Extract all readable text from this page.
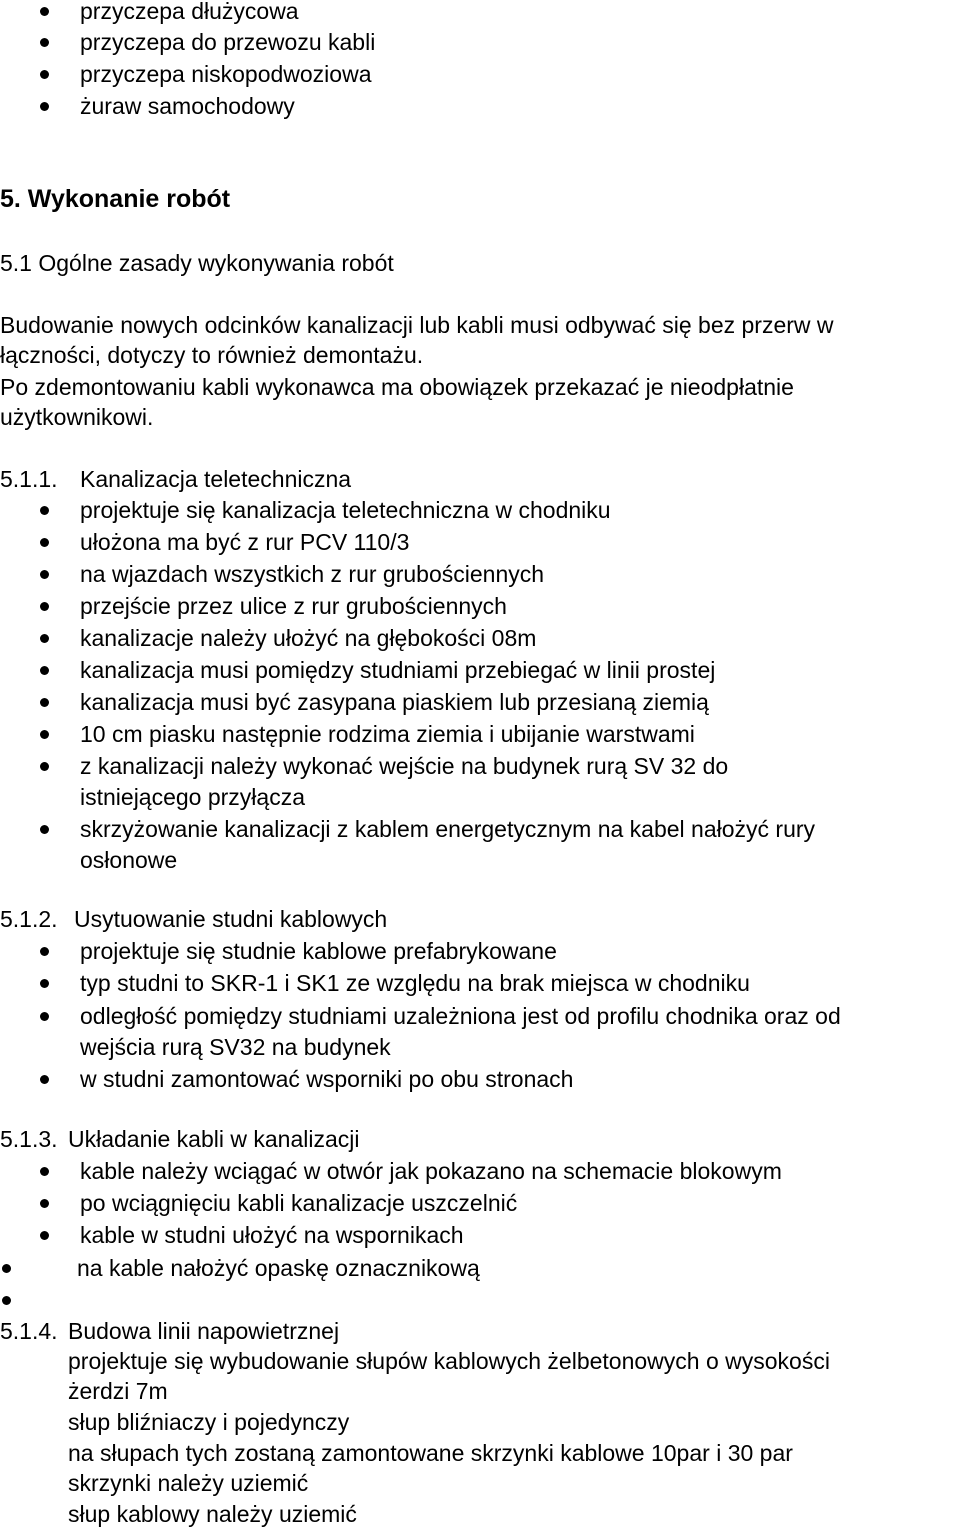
przyczepa dłużycowa
przyczepa do przewozu kabli
przyczepa niskopodwoziowa
żuraw samochodowy
5. Wykonanie robót
5.1 Ogólne zasady wykonywania robót
Budowanie nowych odcinków kanalizacji lub kabli musi odbywać się bez przerw w
łączności, dotyczy to również demontażu.
Po zdemontowaniu kabli wykonawca ma obowiązek przekazać je nieodpłatnie
użytkownikowi.
5.1.1. Kanalizacja teletechniczna
projektuje się kanalizacja teletechniczna w chodniku
ułożona ma być z rur PCV 110/3
na wjazdach wszystkich z rur grubościennych
przejście przez ulice z rur grubościennych
kanalizacje należy ułożyć na głębokości 08m
kanalizacja musi pomiędzy studniami przebiegać w linii prostej
kanalizacja musi być zasypana piaskiem lub przesianą ziemią
10 cm piasku następnie rodzima ziemia i ubijanie warstwami
z kanalizacji należy wykonać wejście na budynek rurą SV 32 do
istniejącego przyłącza
skrzyżowanie kanalizacji z kablem energetycznym na kabel nałożyć rury
osłonowe
5.1.2. Usytuowanie studni kablowych
projektuje się studnie kablowe prefabrykowane
typ studni to SKR-1 i SK1 ze względu na brak miejsca w chodniku
odległość pomiędzy studniami uzależniona jest od profilu chodnika oraz od
wejścia rurą SV32 na budynek
w studni zamontować wsporniki po obu stronach
5.1.3. Układanie kabli w kanalizacji
kable należy wciągać w otwór jak pokazano na schemacie blokowym
po wciągnięciu kabli kanalizacje uszczelnić
kable w studni ułożyć na wspornikach
na kable nałożyć opaskę oznacznikową
5.1.4. Budowa linii napowietrznej
projektuje się wybudowanie słupów kablowych żelbetonowych o wysokości
żerdzi 7m
słup bliźniaczy i pojedynczy
na słupach tych zostaną zamontowane skrzynki kablowe 10par i 30 par
skrzynki należy uziemić
słup kablowy należy uziemić
